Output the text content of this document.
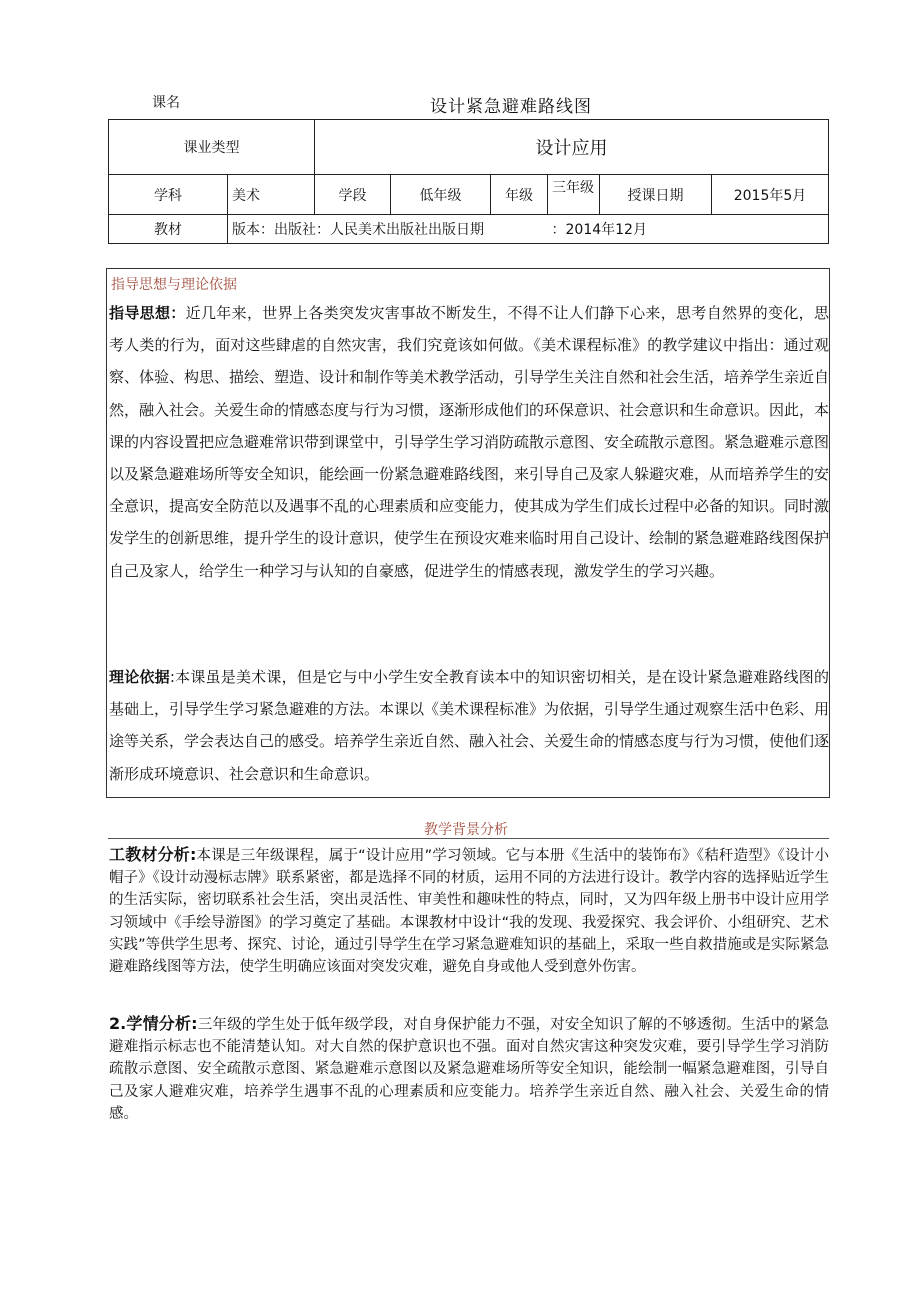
课名	设计紧急避难路线图
课业类型		设计应用					
学科	美术	学段	低年级	年级	三年级	授课日期	2015年5月
教材	版本：出版社：人民美术出版社出版日期				：2014年12月		
指导思想与理论依据

指导思想：近几年来，世界上各类突发灾害事故不断发生，不得不让人们静下心来，思考自然界的变化，思考人类的行为，面对这些肆虐的自然灾害，我们究竟该如何做。《美术课程标准》的教学建议中指出：通过观察、体验、构思、描绘、塑造、设计和制作等美术教学活动，引导学生关注自然和社会生活，培养学生亲近自然，融入社会。关爱生命的情感态度与行为习惯，逐渐形成他们的环保意识、社会意识和生命意识。因此，本课的内容设置把应急避难常识带到课堂中，引导学生学习消防疏散示意图、安全疏散示意图。紧急避难示意图以及紧急避难场所等安全知识，能绘画一份紧急避难路线图，来引导自己及家人躲避灾难，从而培养学生的安全意识，提高安全防范以及遇事不乱的心理素质和应变能力，使其成为学生们成长过程中必备的知识。同时激发学生的创新思维，提升学生的设计意识，使学生在预设灾难来临时用自己设计、绘制的紧急避难路线图保护自己及家人，给学生一种学习与认知的自豪感，促进学生的情感表现，激发学生的学习兴趣。

理论依据:本课虽是美术课，但是它与中小学生安全教育读本中的知识密切相关，是在设计紧急避难路线图的基础上，引导学生学习紧急避难的方法。本课以《美术课程标准》为依据，引导学生通过观察生活中色彩、用途等关系，学会表达自己的感受。培养学生亲近自然、融入社会、关爱生命的情感态度与行为习惯，使他们逐渐形成环境意识、社会意识和生命意识。

教学背景分析

工教材分析:本课是三年级课程，属于“设计应用”学习领域。它与本册《生活中的装饰布》《秸秆造型》《设计小帽子》《设计动漫标志牌》联系紧密，都是选择不同的材质，运用不同的方法进行设计。教学内容的选择贴近学生的生活实际，密切联系社会生活，突出灵活性、审美性和趣味性的特点，同时，又为四年级上册书中设计应用学习领域中《手绘导游图》的学习奠定了基础。本课教材中设计“我的发现、我爱探究、我会评价、小组研究、艺术实践”等供学生思考、探究、讨论，通过引导学生在学习紧急避难知识的基础上，采取一些自救措施或是实际紧急避难路线图等方法，使学生明确应该面对突发灾难，避免自身或他人受到意外伤害。

2.学情分析:三年级的学生处于低年级学段，对自身保护能力不强，对安全知识了解的不够透彻。生活中的紧急避难指示标志也不能清楚认知。对大自然的保护意识也不强。面对自然灾害这种突发灾难，要引导学生学习消防疏散示意图、安全疏散示意图、紧急避难示意图以及紧急避难场所等安全知识，能绘制一幅紧急避难图，引导自己及家人避难灾难，培养学生遇事不乱的心理素质和应变能力。培养学生亲近自然、融入社会、关爱生命的情感。
